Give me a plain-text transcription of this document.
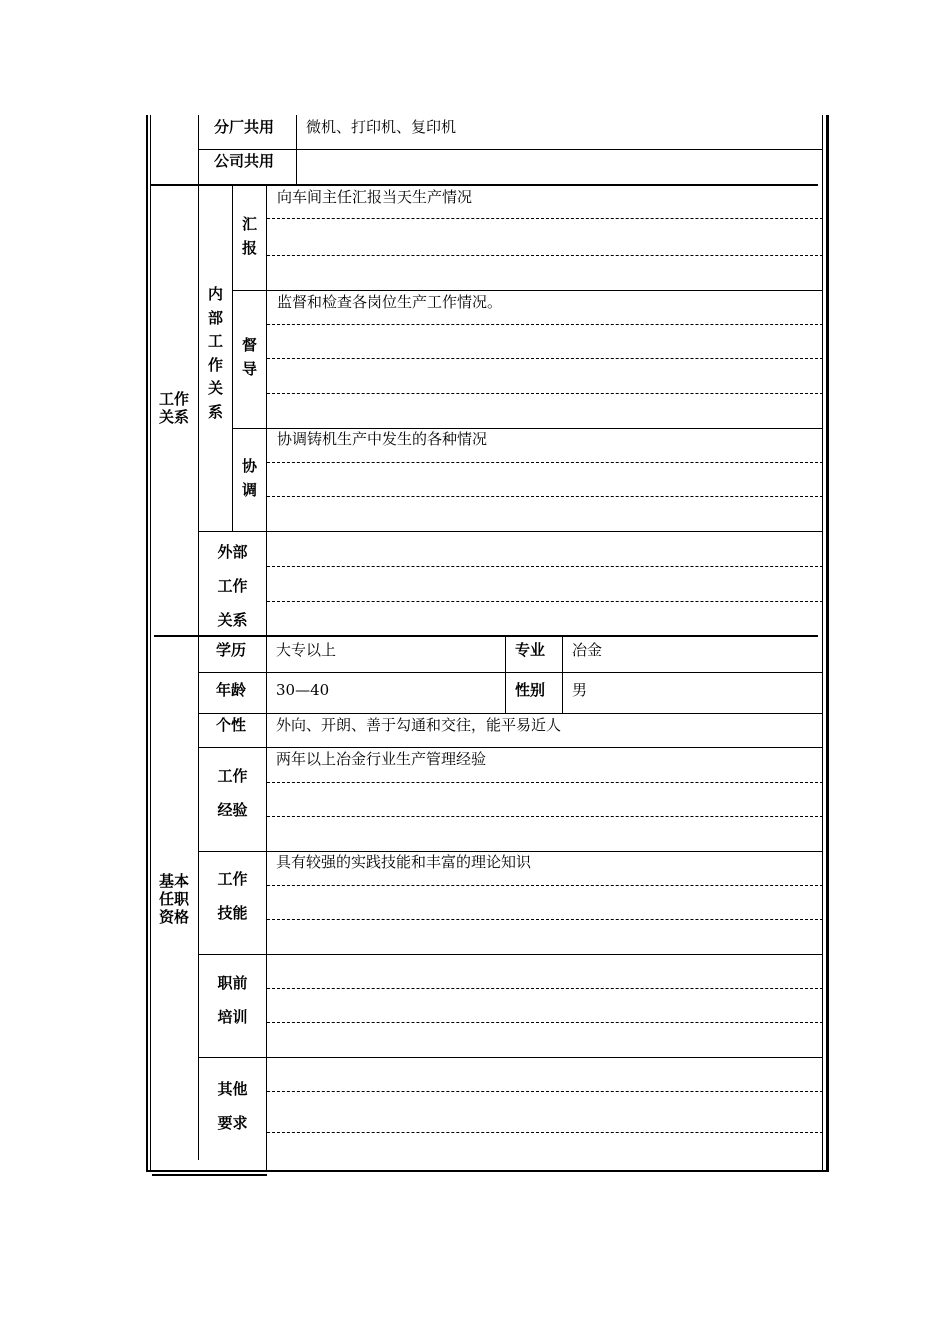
分厂共用 微机、打印机、复印机
公司共用
工作
关系
内
部
工
作
关
系
汇
报
向车间主任汇报当天生产情况
督
导
监督和检查各岗位生产工作情况。
协
调
协调铸机生产中发生的各种情况
外部
工作
关系
基本
任职
资格
学历 大专以上	专业 冶金
年龄 30—40	性别 男
个性 外向、开朗、善于勾通和交往，能平易近人
工作
经验
两年以上冶金行业生产管理经验
工作
技能
具有较强的实践技能和丰富的理论知识
职前
培训
其他
要求
